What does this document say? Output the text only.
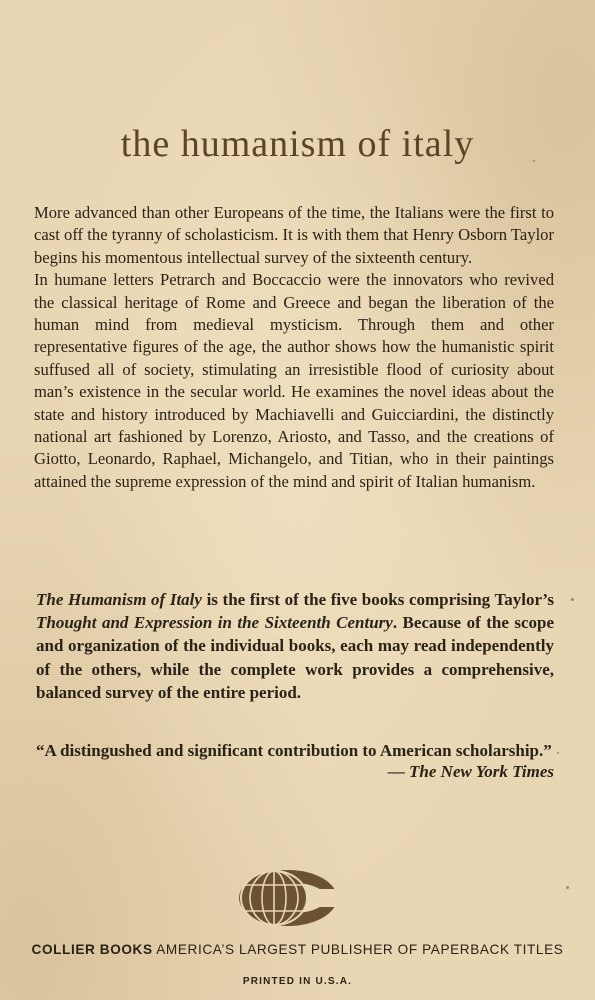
the humanism of italy

More advanced than other Europeans of the time, the Italians were the first to cast off the tyranny of scholasticism. It is with them that Henry Osborn Taylor begins his momentous intellectual survey of the sixteenth century.

In humane letters Petrarch and Boccaccio were the innovators who revived the classical heritage of Rome and Greece and began the liberation of the human mind from medieval mysticism. Through them and other representative figures of the age, the author shows how the humanistic spirit suffused all of society, stimulating an irresistible flood of curiosity about man’s existence in the secular world. He examines the novel ideas about the state and history introduced by Machiavelli and Guicciardini, the distinctly national art fashioned by Lorenzo, Ariosto, and Tasso, and the creations of Giotto, Leonardo, Raphael, Michangelo, and Titian, who in their paintings attained the supreme expression of the mind and spirit of Italian humanism.

The Humanism of Italy is the first of the five books comprising Taylor’s Thought and Expression in the Sixteenth Century. Because of the scope and organization of the individual books, each may read independently of the others, while the complete work provides a comprehensive, balanced survey of the entire period.
“A distingushed and significant contribution to American scholarship.”
— The New York Times
COLLIER BOOKS AMERICA’S LARGEST PUBLISHER OF PAPERBACK TITLES
PRINTED IN U.S.A.
